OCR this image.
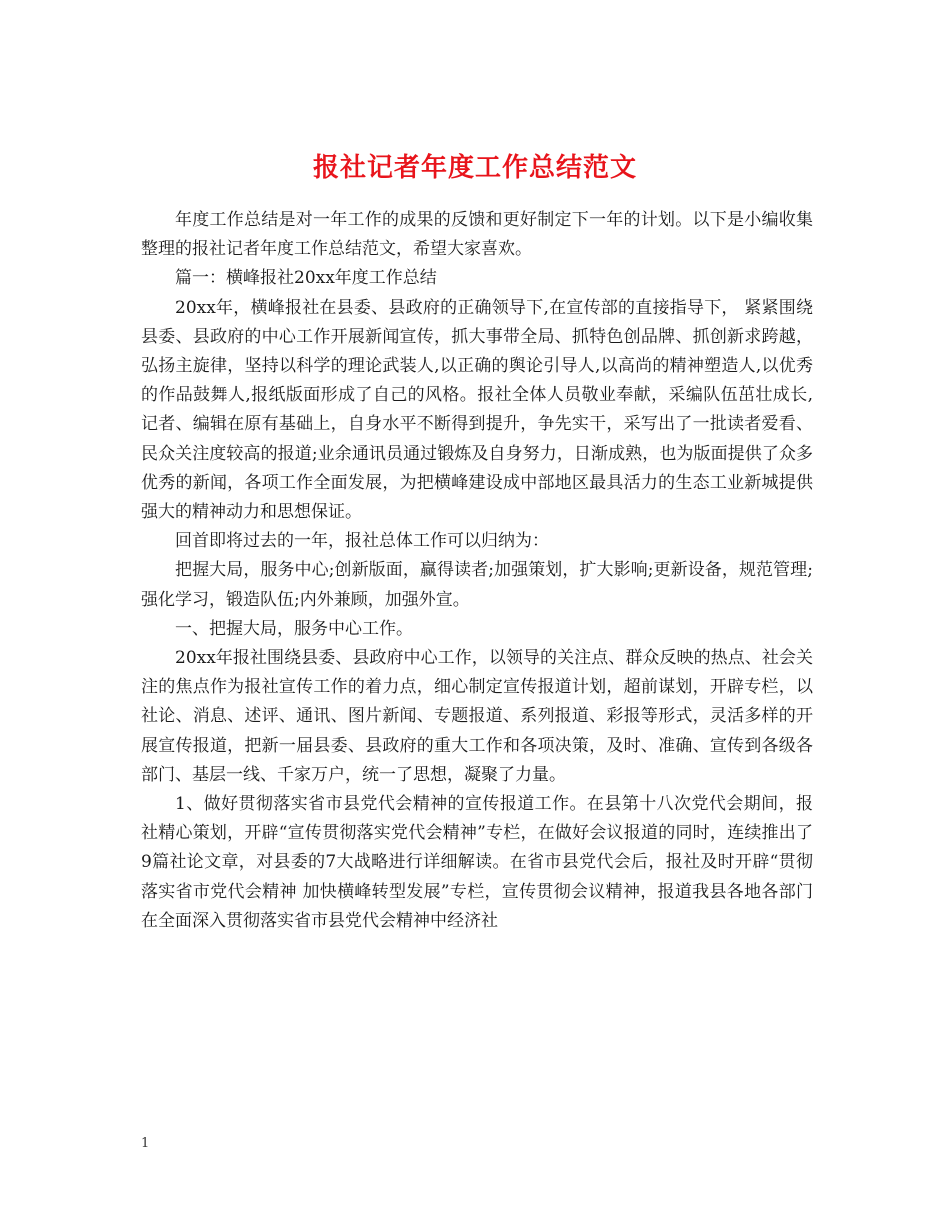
报社记者年度工作总结范文

年度工作总结是对一年工作的成果的反馈和更好制定下一年的计划。以下是小编收集整理的报社记者年度工作总结范文，希望大家喜欢。

篇一：横峰报社20xx年度工作总结

20xx年，横峰报社在县委、县政府的正确领导下,在宣传部的直接指导下， 紧紧围绕县委、县政府的中心工作开展新闻宣传，抓大事带全局、抓特色创品牌、抓创新求跨越，弘扬主旋律，坚持以科学的理论武装人,以正确的舆论引导人,以高尚的精神塑造人,以优秀的作品鼓舞人,报纸版面形成了自己的风格。报社全体人员敬业奉献，采编队伍茁壮成长,记者、编辑在原有基础上，自身水平不断得到提升，争先实干，采写出了一批读者爱看、民众关注度较高的报道;业余通讯员通过锻炼及自身努力，日渐成熟，也为版面提供了众多优秀的新闻，各项工作全面发展，为把横峰建设成中部地区最具活力的生态工业新城提供强大的精神动力和思想保证。

回首即将过去的一年，报社总体工作可以归纳为：

把握大局，服务中心;创新版面，赢得读者;加强策划，扩大影响;更新设备，规范管理;强化学习，锻造队伍;内外兼顾，加强外宣。

一、把握大局，服务中心工作。

20xx年报社围绕县委、县政府中心工作，以领导的关注点、群众反映的热点、社会关注的焦点作为报社宣传工作的着力点，细心制定宣传报道计划，超前谋划，开辟专栏，以社论、消息、述评、通讯、图片新闻、专题报道、系列报道、彩报等形式，灵活多样的开展宣传报道，把新一届县委、县政府的重大工作和各项决策，及时、准确、宣传到各级各部门、基层一线、千家万户，统一了思想，凝聚了力量。

1、做好贯彻落实省市县党代会精神的宣传报道工作。在县第十八次党代会期间，报社精心策划，开辟“宣传贯彻落实党代会精神”专栏，在做好会议报道的同时，连续推出了9篇社论文章，对县委的7大战略进行详细解读。在省市县党代会后，报社及时开辟“贯彻落实省市党代会精神 加快横峰转型发展”专栏，宣传贯彻会议精神，报道我县各地各部门在全面深入贯彻落实省市县党代会精神中经济社

1
